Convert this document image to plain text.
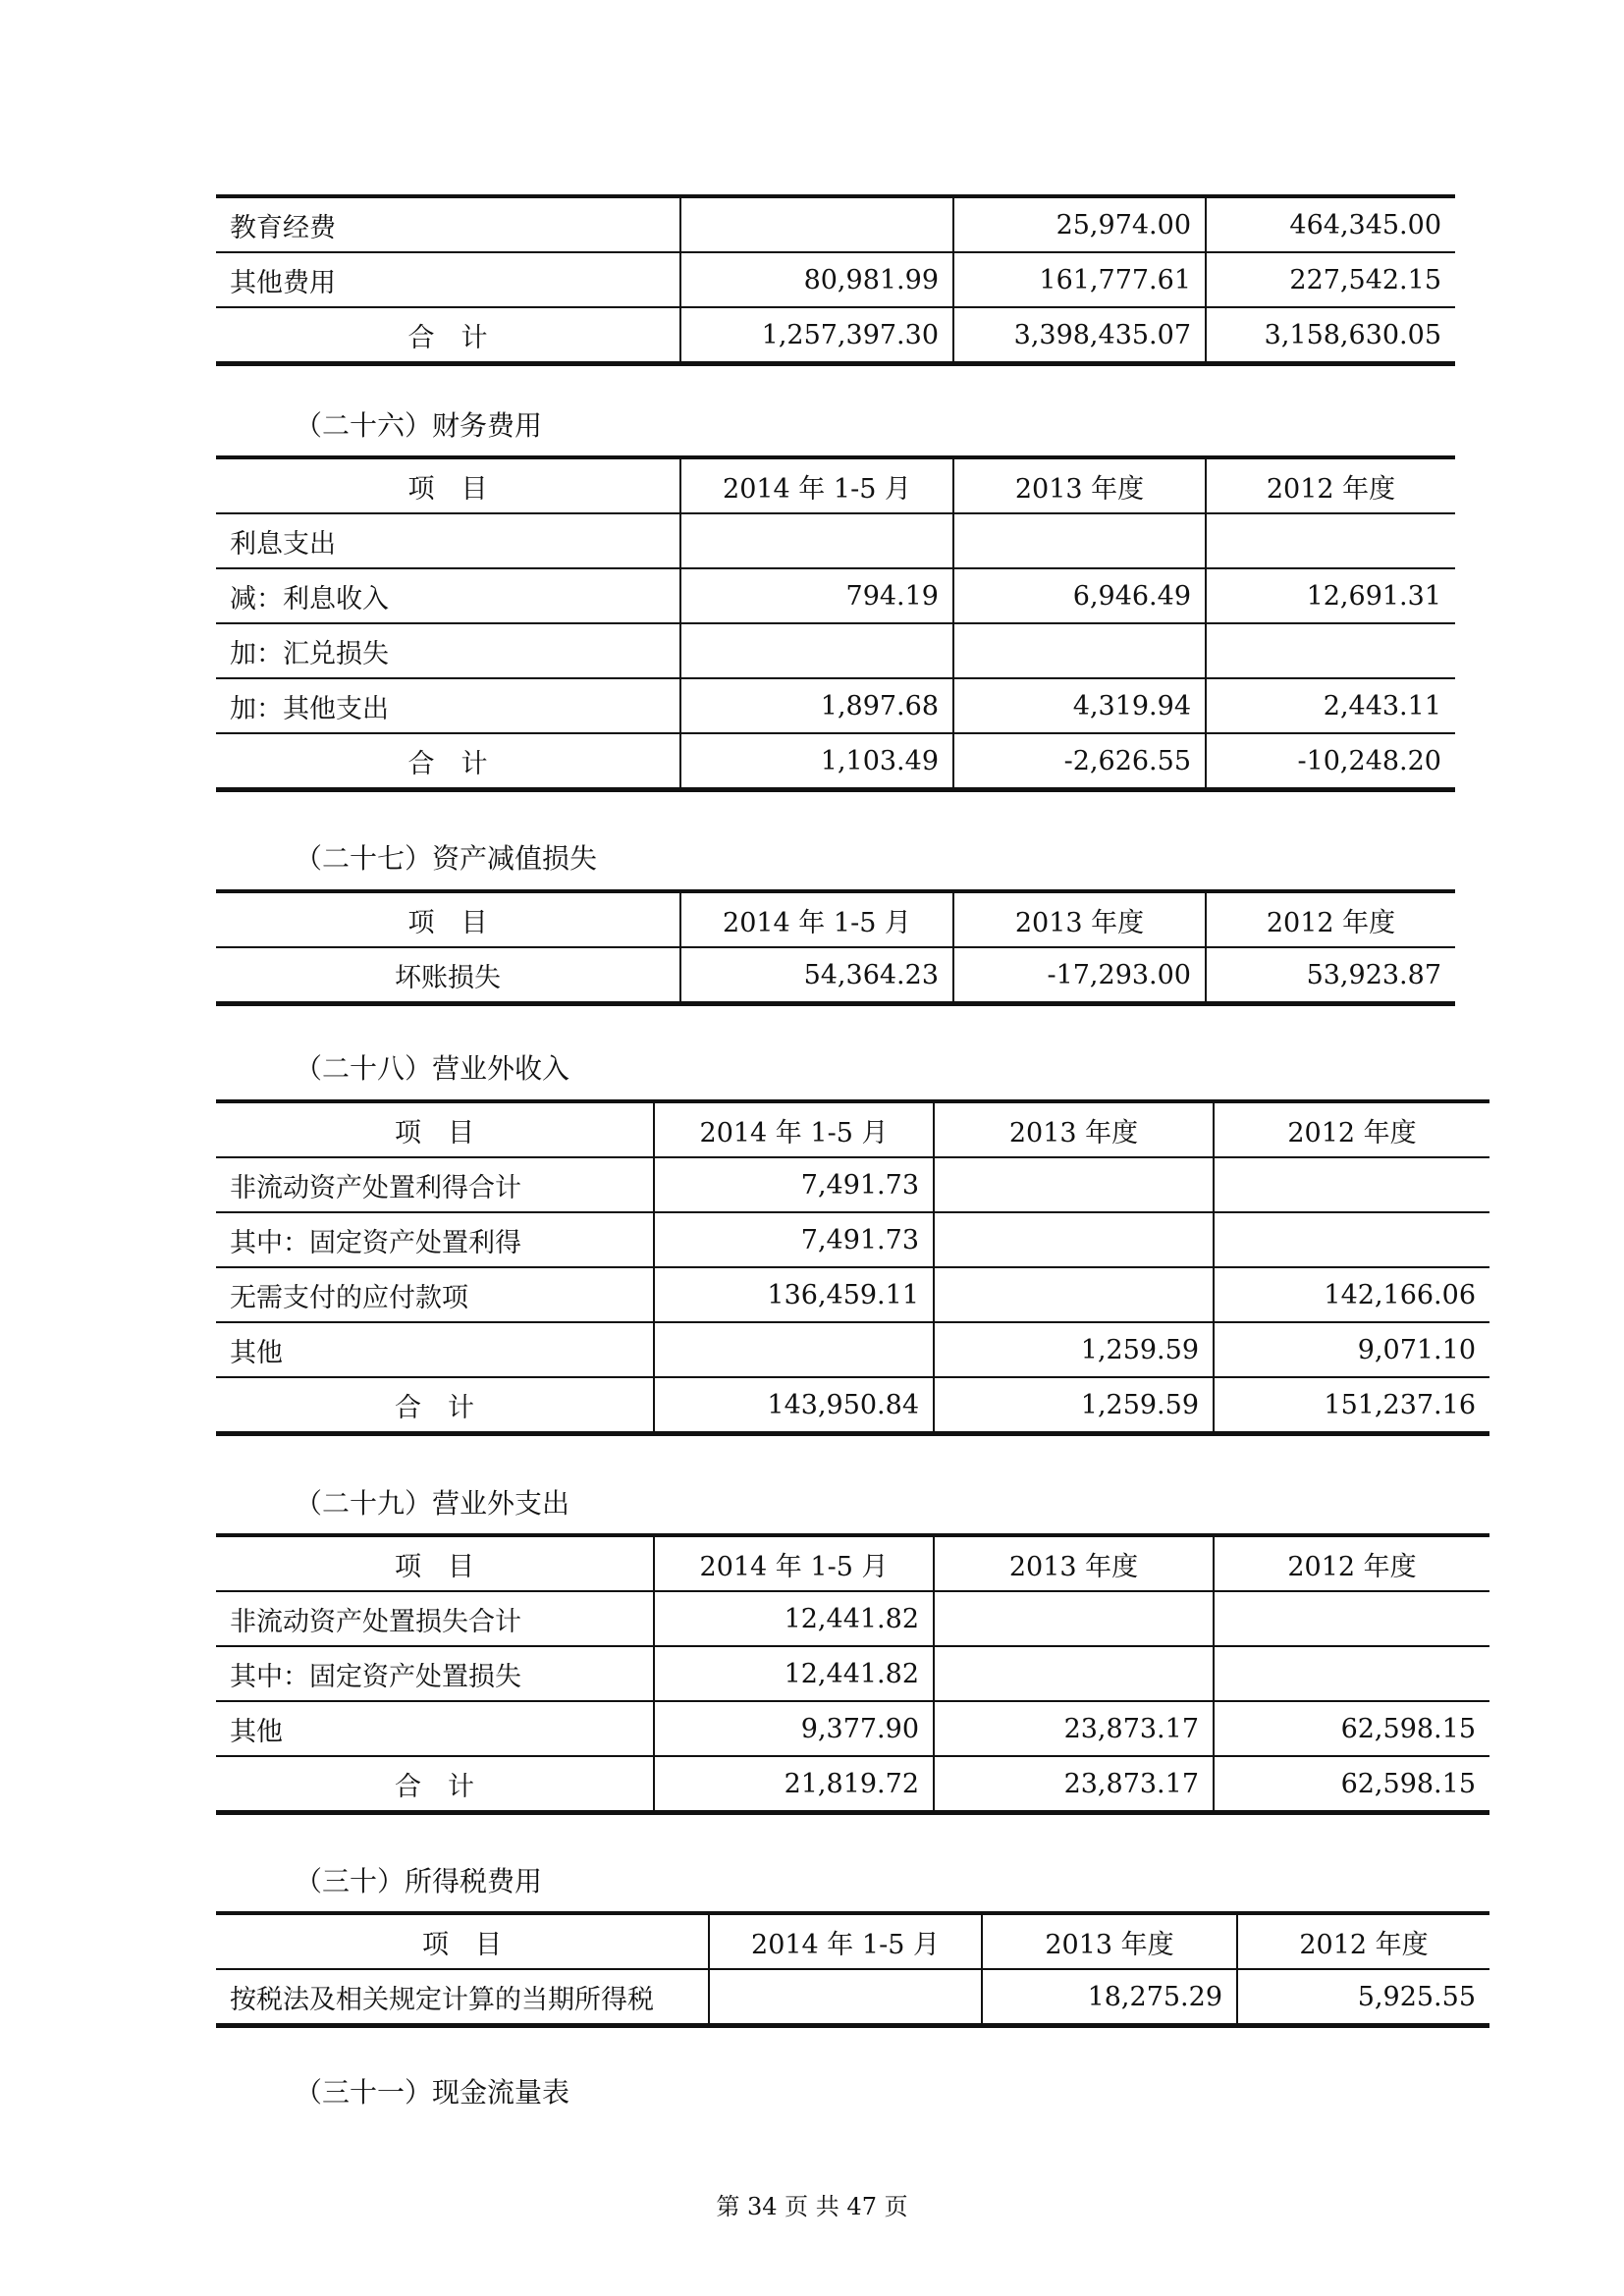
教育经费		25,974.00	464,345.00
其他费用	80,981.99	161,777.61	227,542.15
合　计	1,257,397.30	3,398,435.07	3,158,630.05
（二十六）财务费用
项　目	2014 年 1-5 月	2013 年度	2012 年度
利息支出			
减：利息收入	794.19	6,946.49	12,691.31
加：汇兑损失			
加：其他支出	1,897.68	4,319.94	2,443.11
合　计	1,103.49	-2,626.55	-10,248.20
（二十七）资产减值损失
项　目	2014 年 1-5 月	2013 年度	2012 年度
坏账损失	54,364.23	-17,293.00	53,923.87
（二十八）营业外收入
项　目	2014 年 1-5 月	2013 年度	2012 年度
非流动资产处置利得合计	7,491.73		
其中：固定资产处置利得	7,491.73		
无需支付的应付款项	136,459.11		142,166.06
其他		1,259.59	9,071.10
合　计	143,950.84	1,259.59	151,237.16
（二十九）营业外支出
项　目	2014 年 1-5 月	2013 年度	2012 年度
非流动资产处置损失合计	12,441.82		
其中：固定资产处置损失	12,441.82		
其他	9,377.90	23,873.17	62,598.15
合　计	21,819.72	23,873.17	62,598.15
（三十）所得税费用
项　目	2014 年 1-5 月	2013 年度	2012 年度
按税法及相关规定计算的当期所得税		18,275.29	5,925.55
（三十一）现金流量表
第 34 页 共 47 页
